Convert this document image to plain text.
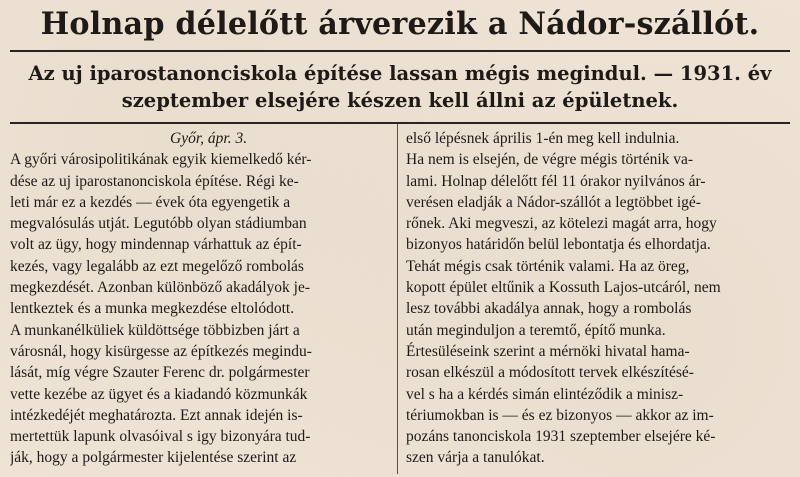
Holnap délelőtt árverezik a Nádor-szállót.
Az uj iparostanonciskola építése lassan mégis megindul. — 1931. év
szeptember elsejére készen kell állni az épületnek.
Győr, ápr. 3.
A győri városipolitikának egyik kiemelkedő kér-
dése az uj iparostanonciskola építése. Régi ke-
leti már ez a kezdés — évek óta egyengetik a
megvalósulás utját. Legutóbb olyan stádiumban
volt az ügy, hogy mindennap várhattuk az épít-
kezés, vagy legalább az ezt megelőző rombolás
megkezdését. Azonban különböző akadályok je-
lentkeztek és a munka megkezdése eltolódott.
A munkanélküliek küldöttsége többizben járt a
városnál, hogy kisürgesse az építkezés megindu-
lását, míg végre Szauter Ferenc dr. polgármester
vette kezébe az ügyet és a kiadandó közmunkák
intézkedéjét meghatározta. Ezt annak idején is-
mertettük lapunk olvasóival s igy bizonyára tud-
ják, hogy a polgármester kijelentése szerint az
első lépésnek április 1-én meg kell indulnia.
Ha nem is elsején, de végre mégis történik va-
lami. Holnap délelőtt fél 11 órakor nyilvános ár-
verésen eladják a Nádor-szállót a legtöbbet igé-
rőnek. Aki megveszi, az kötelezi magát arra, hogy
bizonyos határidőn belül lebontatja és elhordatja.
Tehát mégis csak történik valami. Ha az öreg,
kopott épület eltűnik a Kossuth Lajos-utcáról, nem
lesz további akadálya annak, hogy a rombolás
után meginduljon a teremtő, építő munka.
Értesüléseink szerint a mérnöki hivatal hama-
rosan elkészül a módosított tervek elkészítésé-
vel s ha a kérdés simán elintéződik a minisz-
tériumokban is — és ez bizonyos — akkor az im-
pozáns tanonciskola 1931 szeptember elsejére ké-
szen várja a tanulókat.
